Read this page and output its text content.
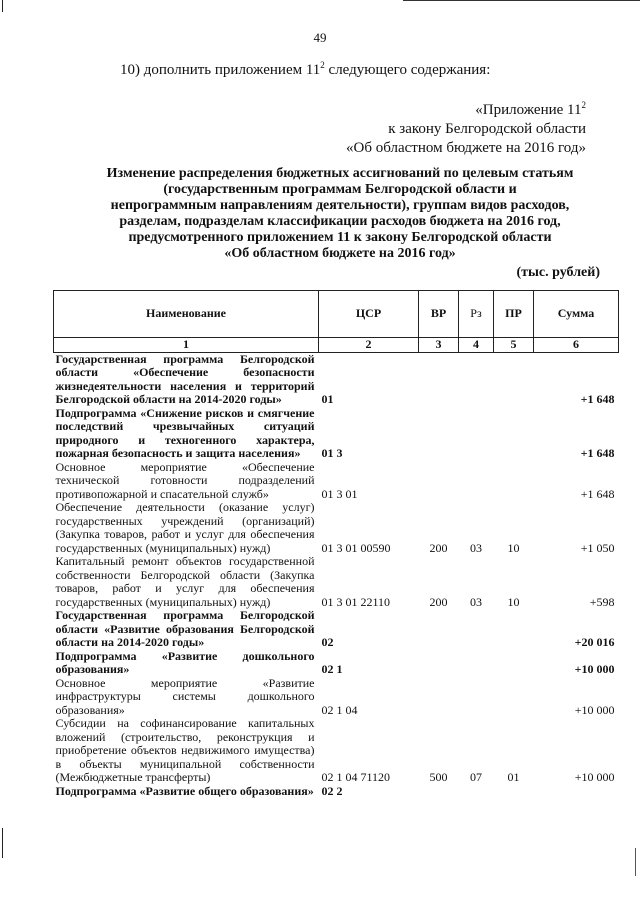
49
10) дополнить приложением $11^2$ следующего содержания:
«Приложение $11^2$
к закону Белгородской области
«Об областном бюджете на 2016 год»
Изменение распределения бюджетных ассигнований по целевым статьям
(государственным программам Белгородской области и
непрограммным направлениям деятельности), группам видов расходов,
разделам, подразделам классификации расходов бюджета на 2016 год,
предусмотренного приложением 11 к закону Белгородской области
«Об областном бюджете на 2016 год»
(тыс. рублей)
Наименование	ЦСР	ВР	Рз	ПР	Сумма
1	2	3	4	5	6
Государственная программа Белгородской области «Обеспечение безопасности жизнедеятельности населения и территорий Белгородской области на 2014-2020 годы»	01				+1 648
Подпрограмма «Снижение рисков и смягчение последствий чрезвычайных ситуаций природного и техногенного характера, пожарная безопасность и защита населения»	01 3				+1 648
Основное мероприятие «Обеспечение технической готовности подразделений противопожарной и спасательной служб»	01 3 01				+1 648
Обеспечение деятельности (оказание услуг) государственных учреждений (организаций) (Закупка товаров, работ и услуг для обеспечения государственных (муниципальных) нужд)	01 3 01 00590	200	03	10	+1 050
Капитальный ремонт объектов государственной собственности Белгородской области (Закупка товаров, работ и услуг для обеспечения государственных (муниципальных) нужд)	01 3 01 22110	200	03	10	+598
Государственная программа Белгородской области «Развитие образования Белгородской области на 2014-2020 годы»	02				+20 016
Подпрограмма «Развитие дошкольного образования»	02 1				+10 000
Основное мероприятие «Развитие инфраструктуры системы дошкольного образования»	02 1 04				+10 000
Субсидии на софинансирование капитальных вложений (строительство, реконструкция и приобретение объектов недвижимого имущества) в объекты муниципальной собственности (Межбюджетные трансферты)	02 1 04 71120	500	07	01	+10 000
Подпрограмма «Развитие общего образования»	02 2				
